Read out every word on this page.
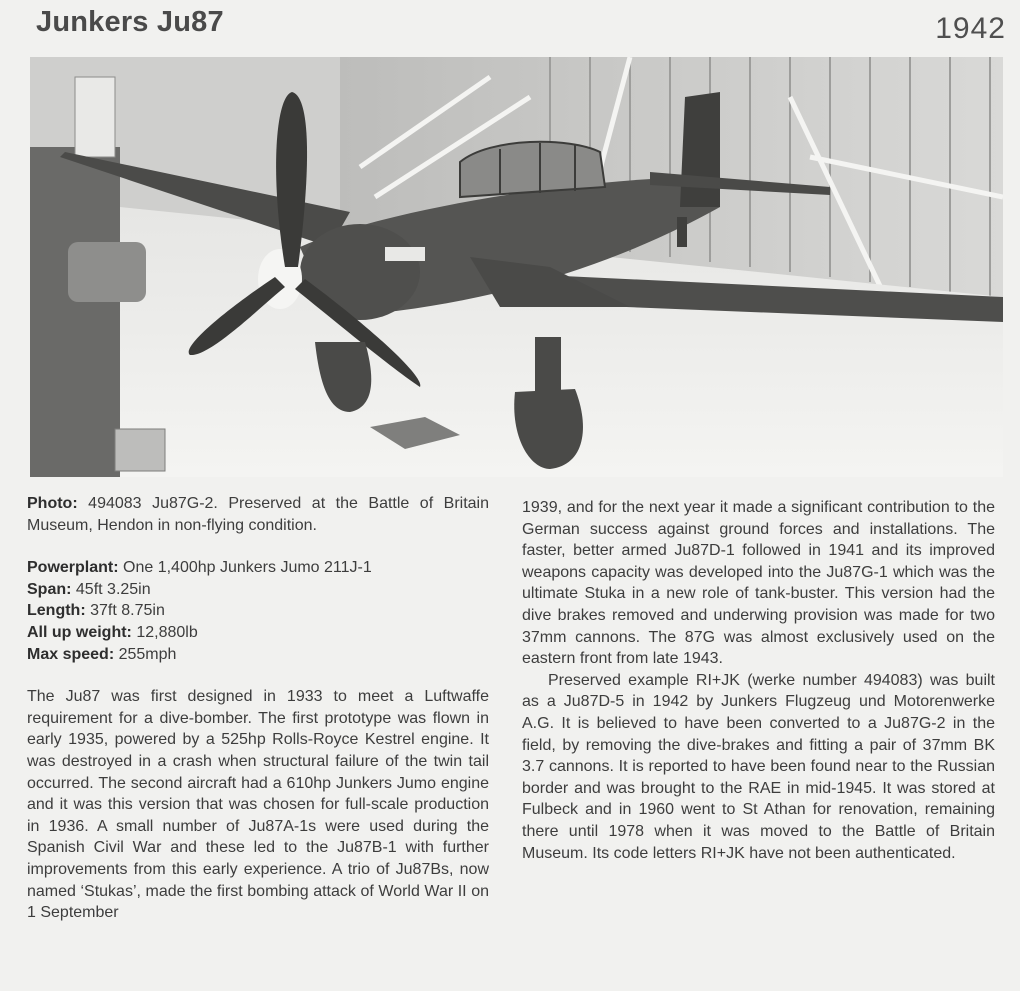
Junkers Ju87	1942

Photo: 494083 Ju87G-2. Preserved at the Battle of Britain Museum, Hendon in non-flying condition.

Powerplant: One 1,400hp Junkers Jumo 211J-1
Span: 45ft 3.25in
Length: 37ft 8.75in
All up weight: 12,880lb
Max speed: 255mph

The Ju87 was first designed in 1933 to meet a Luftwaffe requirement for a dive-bomber. The first prototype was flown in early 1935, powered by a 525hp Rolls-Royce Kestrel engine. It was destroyed in a crash when structural failure of the twin tail occurred. The second aircraft had a 610hp Junkers Jumo engine and it was this version that was chosen for full-scale production in 1936. A small number of Ju87A-1s were used during the Spanish Civil War and these led to the Ju87B-1 with further improvements from this early experience. A trio of Ju87Bs, now named ‘Stukas’, made the first bombing attack of World War II on 1 September

1939, and for the next year it made a significant contribution to the German success against ground forces and installations. The faster, better armed Ju87D-1 followed in 1941 and its improved weapons capacity was developed into the Ju87G-1 which was the ultimate Stuka in a new role of tank-buster. This version had the dive brakes removed and underwing provision was made for two 37mm cannons. The 87G was almost exclusively used on the eastern front from late 1943.

Preserved example RI+JK (werke number 494083) was built as a Ju87D-5 in 1942 by Junkers Flugzeug und Motorenwerke A.G. It is believed to have been converted to a Ju87G-2 in the field, by removing the dive-brakes and fitting a pair of 37mm BK 3.7 cannons. It is reported to have been found near to the Russian border and was brought to the RAE in mid-1945. It was stored at Fulbeck and in 1960 went to St Athan for renovation, remaining there until 1978 when it was moved to the Battle of Britain Museum. Its code letters RI+JK have not been authenticated.
